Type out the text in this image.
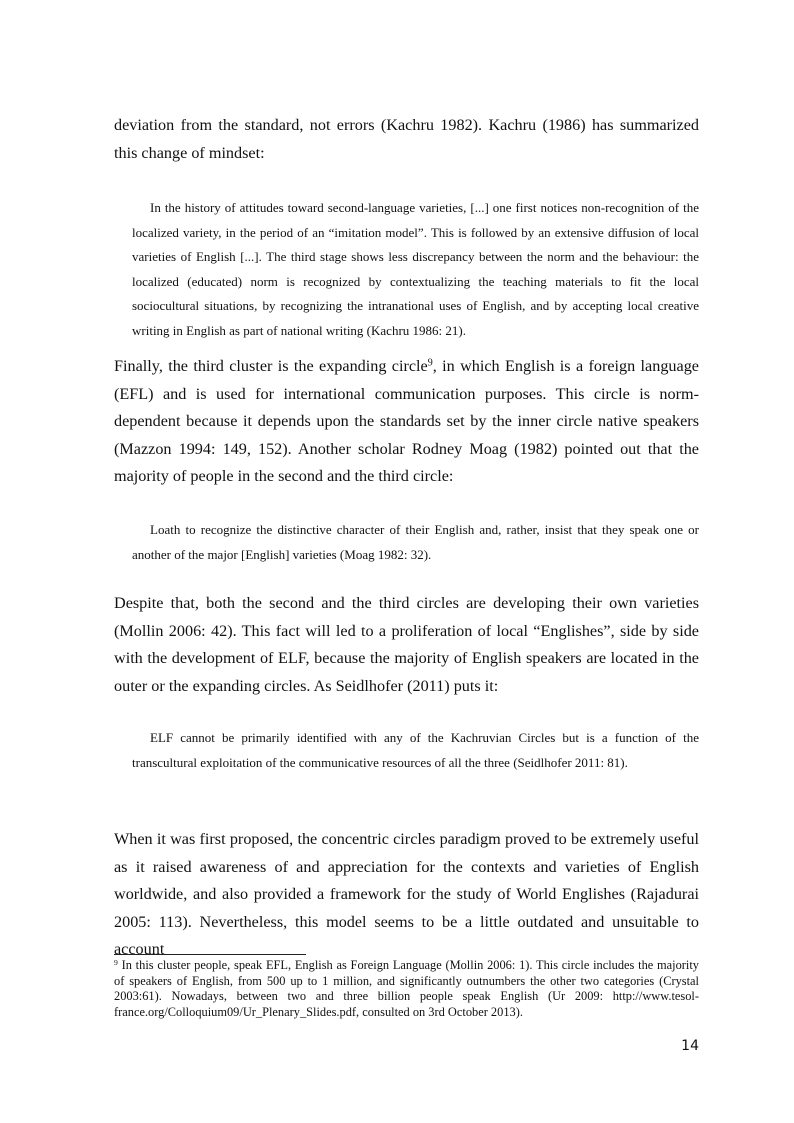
deviation from the standard, not errors (Kachru 1982). Kachru (1986) has summarized this change of mindset:

In the history of attitudes toward second-language varieties, [...] one first notices non-recognition of the localized variety, in the period of an “imitation model”. This is followed by an extensive diffusion of local varieties of English [...]. The third stage shows less discrepancy between the norm and the behaviour: the localized (educated) norm is recognized by contextualizing the teaching materials to fit the local sociocultural situations, by recognizing the intranational uses of English, and by accepting local creative writing in English as part of national writing (Kachru 1986: 21).

Finally, the third cluster is the expanding circle$^9$, in which English is a foreign language (EFL) and is used for international communication purposes. This circle is norm-dependent because it depends upon the standards set by the inner circle native speakers (Mazzon 1994: 149, 152). Another scholar Rodney Moag (1982) pointed out that the majority of people in the second and the third circle:

Loath to recognize the distinctive character of their English and, rather, insist that they speak one or another of the major [English] varieties (Moag 1982: 32).

Despite that, both the second and the third circles are developing their own varieties (Mollin 2006: 42). This fact will led to a proliferation of local “Englishes”, side by side with the development of ELF, because the majority of English speakers are located in the outer or the expanding circles. As Seidlhofer (2011) puts it:

ELF cannot be primarily identified with any of the Kachruvian Circles but is a function of the transcultural exploitation of the communicative resources of all the three (Seidlhofer 2011: 81).

When it was first proposed, the concentric circles paradigm proved to be extremely useful as it raised awareness of and appreciation for the contexts and varieties of English worldwide, and also provided a framework for the study of World Englishes (Rajadurai 2005: 113). Nevertheless, this model seems to be a little outdated and unsuitable to account

$^9$ In this cluster people, speak EFL, English as Foreign Language (Mollin 2006: 1). This circle includes the majority of speakers of English, from 500 up to 1 million, and significantly outnumbers the other two categories (Crystal 2003:61). Nowadays, between two and three billion people speak English (Ur 2009: http://www.tesol-france.org/Colloquium09/Ur_Plenary_Slides.pdf, consulted on 3rd October 2013).

14
